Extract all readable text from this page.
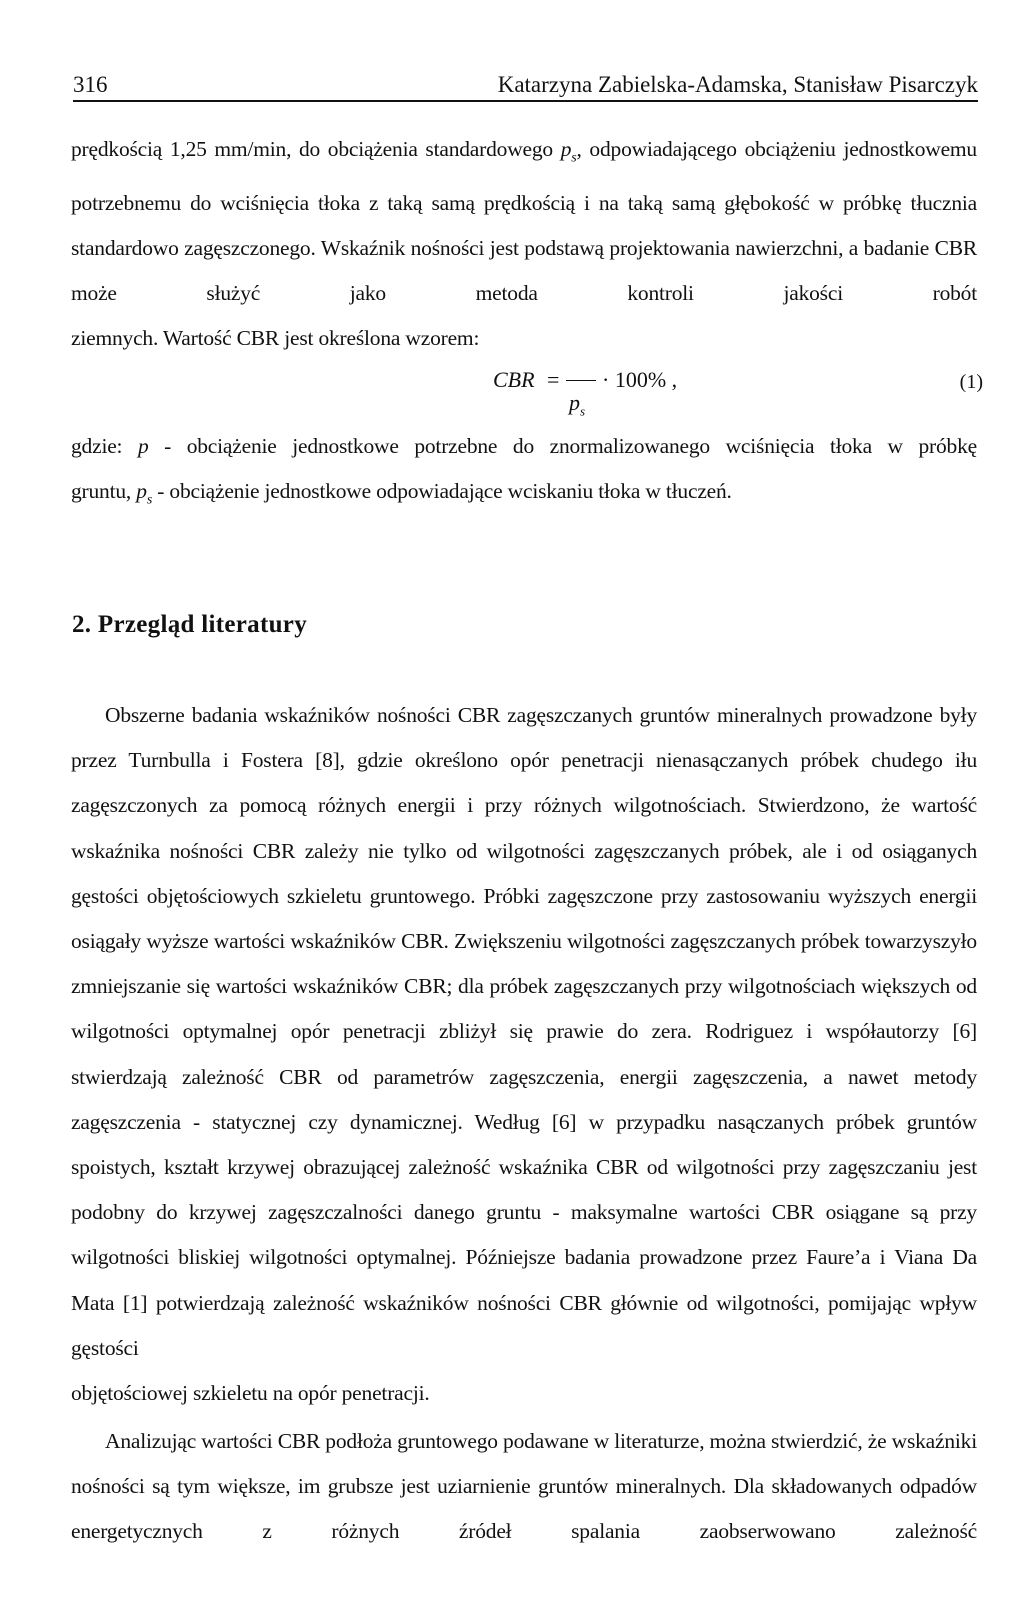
316	Katarzyna Zabielska-Adamska, Stanisław Pisarczyk

prędkością 1,25 mm/min, do obciążenia standardowego $p_s$, odpowiadającego obciążeniu jednostkowemu potrzebnemu do wciśnięcia tłoka z taką samą prędkością i na taką samą głębokość w próbkę tłucznia standardowo zagęszczonego. Wskaźnik nośności jest podstawą projektowania nawierzchni, a badanie CBR może służyć jako metoda kontroli jakości robót
ziemnych. Wartość CBR jest określona wzorem:

CBR = · 100% ,
$p_s$
(1)

gdzie: p - obciążenie jednostkowe potrzebne do znormalizowanego wciśnięcia tłoka w próbkę
gruntu, $p_s$ - obciążenie jednostkowe odpowiadające wciskaniu tłoka w tłuczeń.

2. Przegląd literatury

Obszerne badania wskaźników nośności CBR zagęszczanych gruntów mineralnych prowadzone były przez Turnbulla i Fostera [8], gdzie określono opór penetracji nienasączanych próbek chudego iłu zagęszczonych za pomocą różnych energii i przy różnych wilgotnościach. Stwierdzono, że wartość wskaźnika nośności CBR zależy nie tylko od wilgotności zagęszczanych próbek, ale i od osiąganych gęstości objętościowych szkieletu gruntowego. Próbki zagęszczone przy zastosowaniu wyższych energii osiągały wyższe wartości wskaźników CBR. Zwiększeniu wilgotności zagęszczanych próbek towarzyszyło zmniejszanie się wartości wskaźników CBR; dla próbek zagęszczanych przy wilgotnościach większych od wilgotności optymalnej opór penetracji zbliżył się prawie do zera. Rodriguez i współautorzy [6] stwierdzają zależność CBR od parametrów zagęszczenia, energii zagęszczenia, a nawet metody zagęszczenia - statycznej czy dynamicznej. Według [6] w przypadku nasączanych próbek gruntów spoistych, kształt krzywej obrazującej zależność wskaźnika CBR od wilgotności przy zagęszczaniu jest podobny do krzywej zagęszczalności danego gruntu - maksymalne wartości CBR osiągane są przy wilgotności bliskiej wilgotności optymalnej. Późniejsze badania prowadzone przez Faure’a i Viana Da Mata [1] potwierdzają zależność wskaźników nośności CBR głównie od wilgotności, pomijając wpływ gęstości
objętościowej szkieletu na opór penetracji.

Analizując wartości CBR podłoża gruntowego podawane w literaturze, można stwierdzić, że wskaźniki nośności są tym większe, im grubsze jest uziarnienie gruntów mineralnych. Dla składowanych odpadów energetycznych z różnych źródeł spalania zaobserwowano zależność
